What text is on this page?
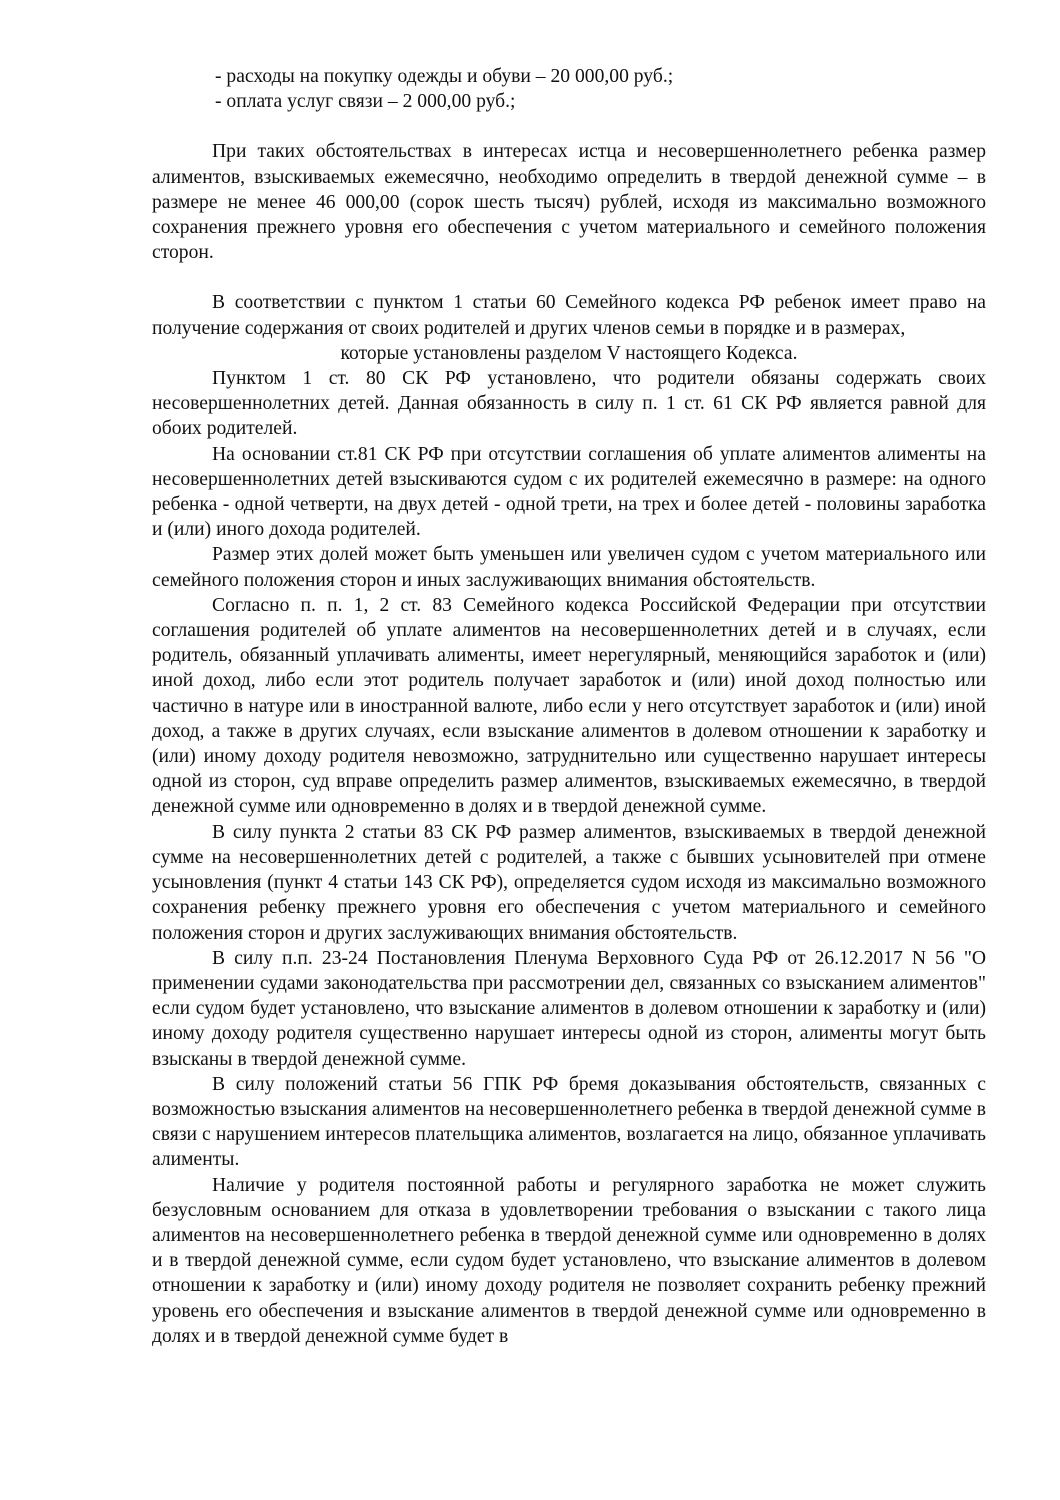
- расходы на покупку одежды и обуви – 20 000,00 руб.;

- оплата услуг связи – 2 000,00 руб.;

При таких обстоятельствах в интересах истца и несовершеннолетнего ребенка размер алиментов, взыскиваемых ежемесячно, необходимо определить в твердой денежной сумме – в размере не менее 46 000,00 (сорок шесть тысяч) рублей, исходя из максимально возможного сохранения прежнего уровня его обеспечения с учетом материального и семейного положения сторон.

В соответствии с пунктом 1 статьи 60 Семейного кодекса РФ ребенок имеет право на получение содержания от своих родителей и других членов семьи в порядке и в размерах,

которые установлены разделом V настоящего Кодекса.

Пунктом 1 ст. 80 СК РФ установлено, что родители обязаны содержать своих несовершеннолетних детей. Данная обязанность в силу п. 1 ст. 61 СК РФ является равной для обоих родителей.

На основании ст.81 СК РФ при отсутствии соглашения об уплате алиментов алименты на несовершеннолетних детей взыскиваются судом с их родителей ежемесячно в размере: на одного ребенка - одной четверти, на двух детей - одной трети, на трех и более детей - половины заработка и (или) иного дохода родителей.

Размер этих долей может быть уменьшен или увеличен судом с учетом материального или семейного положения сторон и иных заслуживающих внимания обстоятельств.

Согласно п. п. 1, 2 ст. 83 Семейного кодекса Российской Федерации при отсутствии соглашения родителей об уплате алиментов на несовершеннолетних детей и в случаях, если родитель, обязанный уплачивать алименты, имеет нерегулярный, меняющийся заработок и (или) иной доход, либо если этот родитель получает заработок и (или) иной доход полностью или частично в натуре или в иностранной валюте, либо если у него отсутствует заработок и (или) иной доход, а также в других случаях, если взыскание алиментов в долевом отношении к заработку и (или) иному доходу родителя невозможно, затруднительно или существенно нарушает интересы одной из сторон, суд вправе определить размер алиментов, взыскиваемых ежемесячно, в твердой денежной сумме или одновременно в долях и в твердой денежной сумме.

В силу пункта 2 статьи 83 СК РФ размер алиментов, взыскиваемых в твердой денежной сумме на несовершеннолетних детей с родителей, а также с бывших усыновителей при отмене усыновления (пункт 4 статьи 143 СК РФ), определяется судом исходя из максимально возможного сохранения ребенку прежнего уровня его обеспечения с учетом материального и семейного положения сторон и других заслуживающих внимания обстоятельств.

В силу п.п. 23-24 Постановления Пленума Верховного Суда РФ от 26.12.2017 N 56 "О применении судами законодательства при рассмотрении дел, связанных со взысканием алиментов" если судом будет установлено, что взыскание алиментов в долевом отношении к заработку и (или) иному доходу родителя существенно нарушает интересы одной из сторон, алименты могут быть взысканы в твердой денежной сумме.

В силу положений статьи 56 ГПК РФ бремя доказывания обстоятельств, связанных с возможностью взыскания алиментов на несовершеннолетнего ребенка в твердой денежной сумме в связи с нарушением интересов плательщика алиментов, возлагается на лицо, обязанное уплачивать алименты.

Наличие у родителя постоянной работы и регулярного заработка не может служить безусловным основанием для отказа в удовлетворении требования о взыскании с такого лица алиментов на несовершеннолетнего ребенка в твердой денежной сумме или одновременно в долях и в твердой денежной сумме, если судом будет установлено, что взыскание алиментов в долевом отношении к заработку и (или) иному доходу родителя не позволяет сохранить ребенку прежний уровень его обеспечения и взыскание алиментов в твердой денежной сумме или одновременно в долях и в твердой денежной сумме будет в
